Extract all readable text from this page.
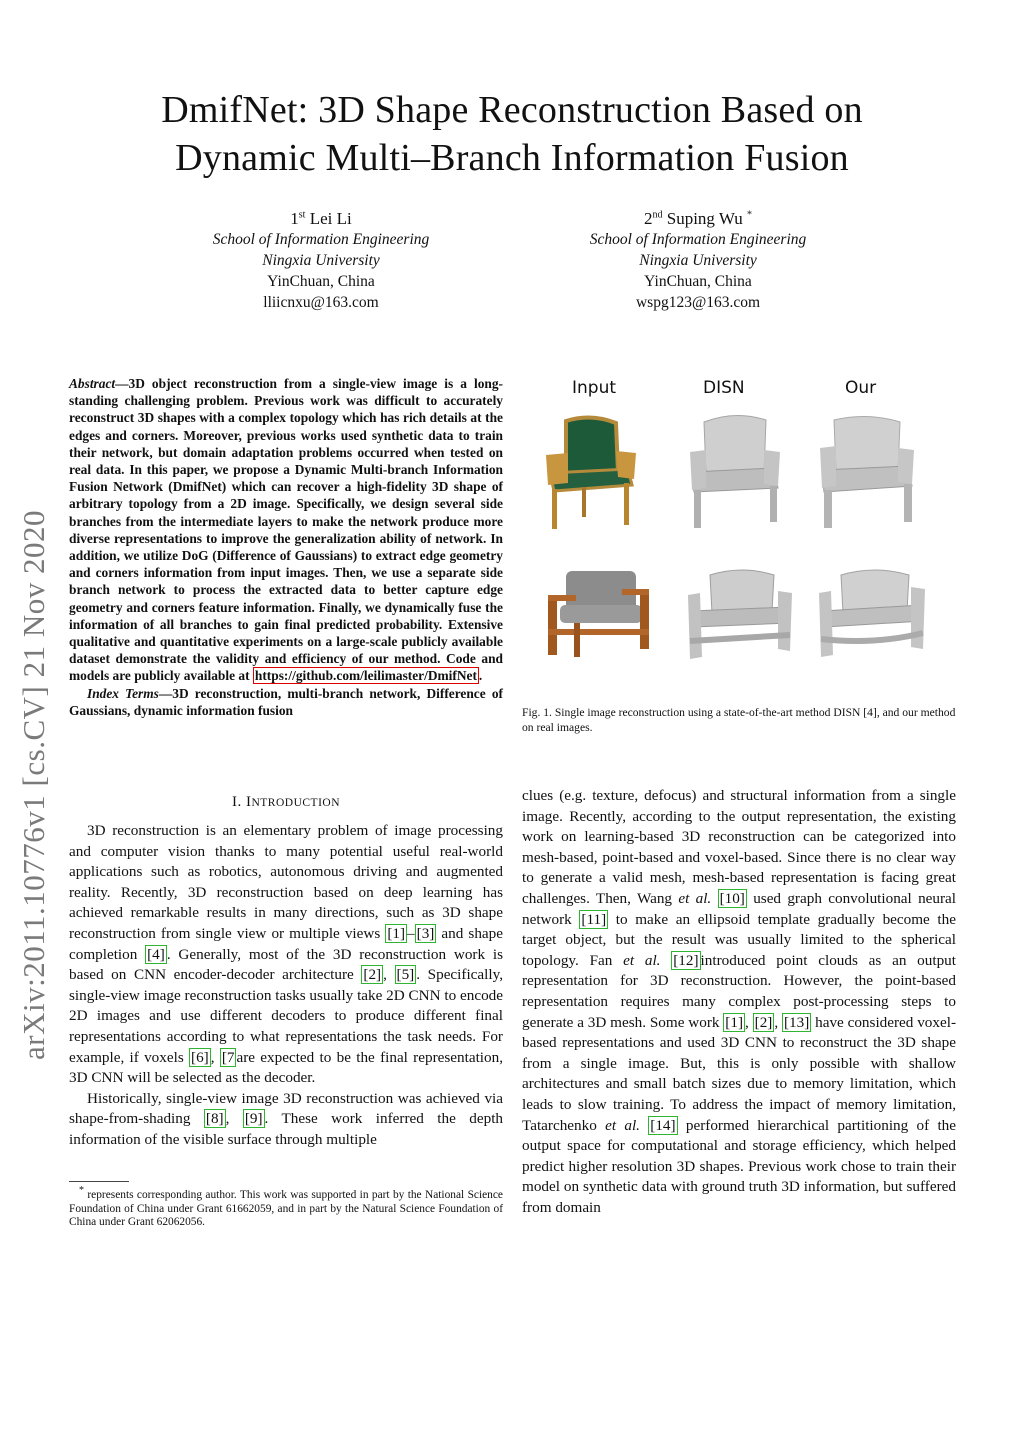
arXiv:2011.10776v1 [cs.CV] 21 Nov 2020
DmifNet: 3D Shape Reconstruction Based on
Dynamic Multi–Branch Information Fusion
1st Lei Li
School of Information Engineering
Ningxia University
YinChuan, China
lliicnxu@163.com
2nd Suping Wu *
School of Information Engineering
Ningxia University
YinChuan, China
wspg123@163.com
Abstract—3D object reconstruction from a single-view image is a long-standing challenging problem. Previous work was difficult to accurately reconstruct 3D shapes with a complex topology which has rich details at the edges and corners. Moreover, previous works used synthetic data to train their network, but domain adaptation problems occurred when tested on real data. In this paper, we propose a Dynamic Multi-branch Information Fusion Network (DmifNet) which can recover a high-fidelity 3D shape of arbitrary topology from a 2D image. Specifically, we design several side branches from the intermediate layers to make the network produce more diverse representations to improve the generalization ability of network. In addition, we utilize DoG (Difference of Gaussians) to extract edge geometry and corners information from input images. Then, we use a separate side branch network to process the extracted data to better capture edge geometry and corners feature information. Finally, we dynamically fuse the information of all branches to gain final predicted probability. Extensive qualitative and quantitative experiments on a large-scale publicly available dataset demonstrate the validity and efficiency of our method. Code and models are publicly available at https://github.com/leilimaster/DmifNet .
Index Terms—3D reconstruction, multi-branch network, Difference of Gaussians, dynamic information fusion
I. INTRODUCTION
3D reconstruction is an elementary problem of image processing and computer vision thanks to many potential useful real-world applications such as robotics, autonomous driving and augmented reality. Recently, 3D reconstruction based on deep learning has achieved remarkable results in many directions, such as 3D shape reconstruction from single view or multiple views [1] – [3] and shape completion [4] . Generally, most of the 3D reconstruction work is based on CNN encoder-decoder architecture [2] , [5] . Specifically, single-view image reconstruction tasks usually take 2D CNN to encode 2D images and use different decoders to produce different final representations according to what representations the task needs. For example, if voxels [6] , [7 are expected to be the final representation, 3D CNN will be selected as the decoder.
Historically, single-view image 3D reconstruction was achieved via shape-from-shading [8] , [9] . These work inferred the depth information of the visible surface through multiple
* represents corresponding author. This work was supported in part by the National Science Foundation of China under Grant 61662059, and in part by the Natural Science Foundation of China under Grant 62062056.
Input	DISN	Our
Fig. 1. Single image reconstruction using a state-of-the-art method DISN [4], and our method on real images.
clues (e.g. texture, defocus) and structural information from a single image. Recently, according to the output representation, the existing work on learning-based 3D reconstruction can be categorized into mesh-based, point-based and voxel-based. Since there is no clear way to generate a valid mesh, mesh-based representation is facing great challenges. Then, Wang et al. [10] used graph convolutional neural network [11] to make an ellipsoid template gradually become the target object, but the result was usually limited to the spherical topology. Fan et al. [12] introduced point clouds as an output representation for 3D reconstruction. However, the point-based representation requires many complex post-processing steps to generate a 3D mesh. Some work [1] , [2] , [13] have considered voxel-based representations and used 3D CNN to reconstruct the 3D shape from a single image. But, this is only possible with shallow architectures and small batch sizes due to memory limitation, which leads to slow training. To address the impact of memory limitation, Tatarchenko et al. [14] performed hierarchical partitioning of the output space for computational and storage efficiency, which helped predict higher resolution 3D shapes. Previous work chose to train their model on synthetic data with ground truth 3D information, but suffered from domain
